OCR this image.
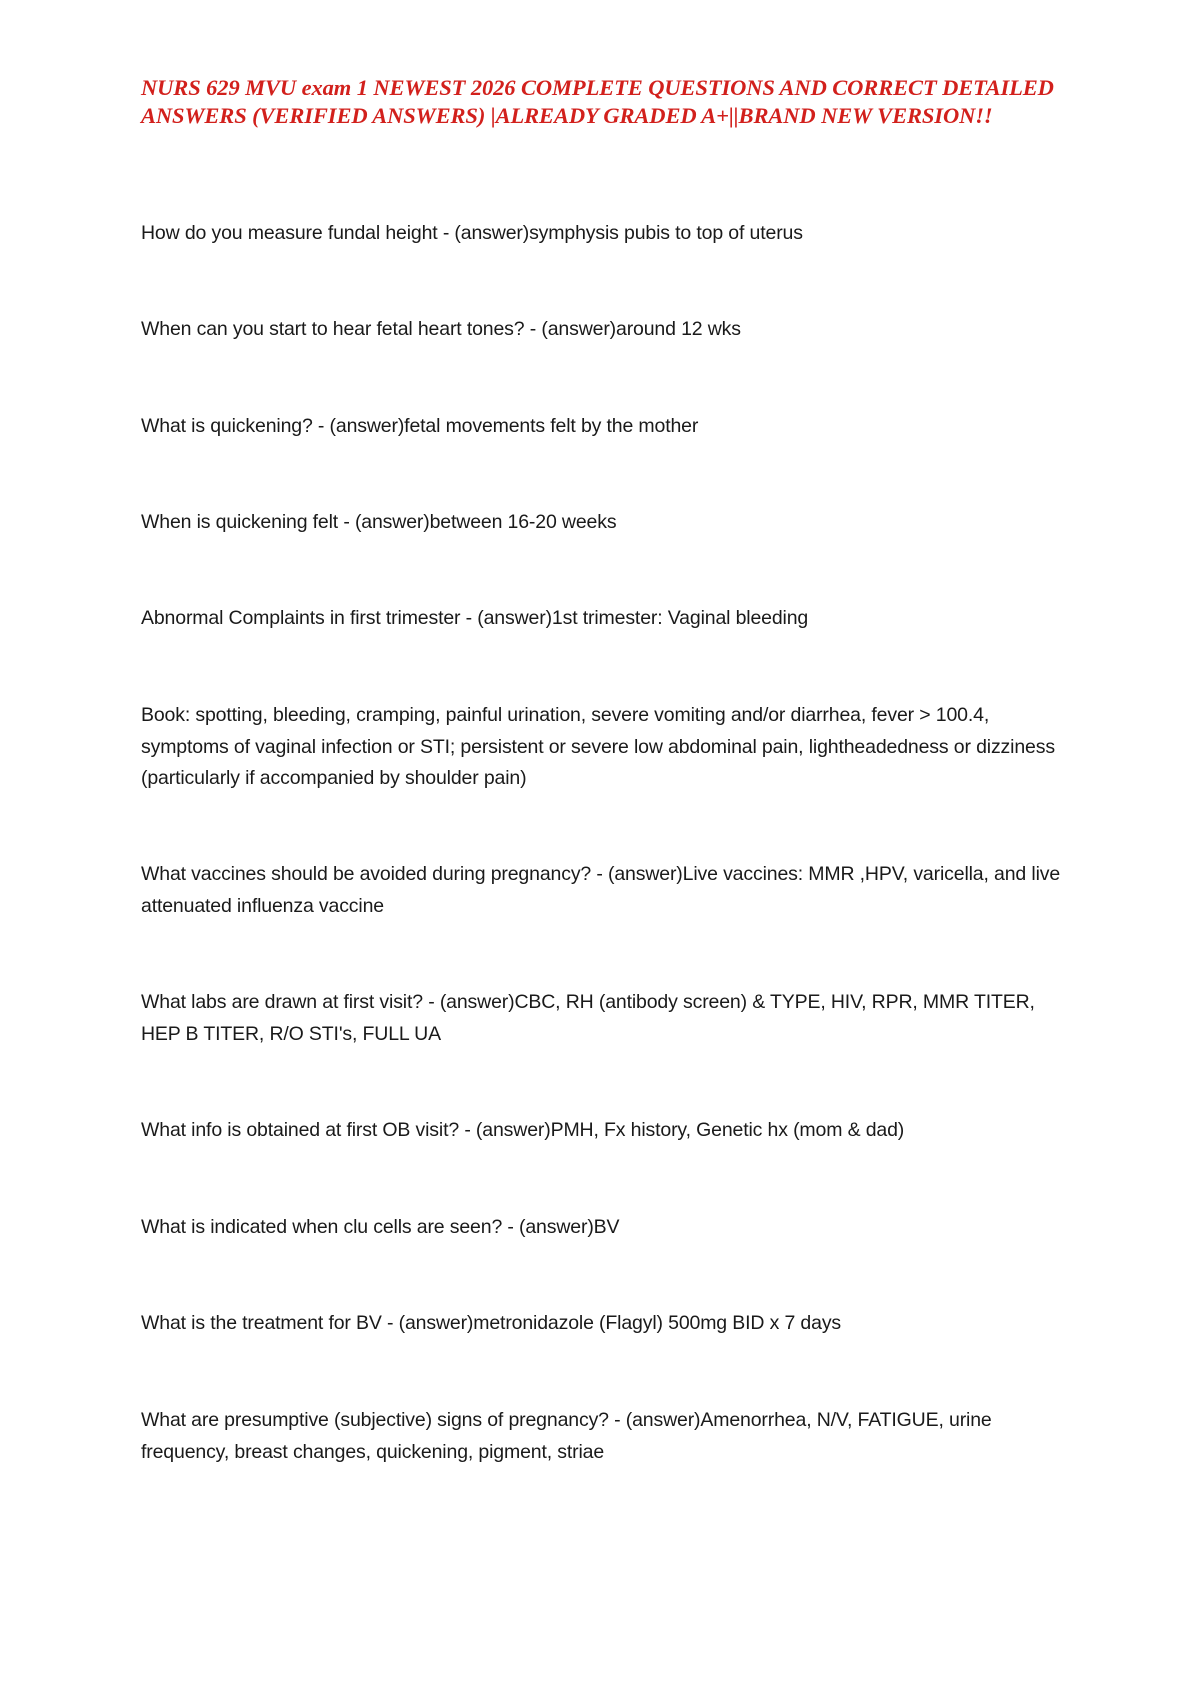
NURS 629 MVU exam 1 NEWEST 2026 COMPLETE QUESTIONS AND CORRECT DETAILED ANSWERS (VERIFIED ANSWERS) |ALREADY GRADED A+||BRAND NEW VERSION!!

How do you measure fundal height - (answer)symphysis pubis to top of uterus

When can you start to hear fetal heart tones? - (answer)around 12 wks

What is quickening? - (answer)fetal movements felt by the mother

When is quickening felt - (answer)between 16-20 weeks

Abnormal Complaints in first trimester - (answer)1st trimester: Vaginal bleeding

Book: spotting, bleeding, cramping, painful urination, severe vomiting and/or diarrhea, fever > 100.4, symptoms of vaginal infection or STI; persistent or severe low abdominal pain, lightheadedness or dizziness (particularly if accompanied by shoulder pain)

What vaccines should be avoided during pregnancy? - (answer)Live vaccines: MMR ,HPV, varicella, and live attenuated influenza vaccine

What labs are drawn at first visit? - (answer)CBC, RH (antibody screen) & TYPE, HIV, RPR, MMR TITER, HEP B TITER, R/O STI's, FULL UA

What info is obtained at first OB visit? - (answer)PMH, Fx history, Genetic hx (mom & dad)

What is indicated when clu cells are seen? - (answer)BV

What is the treatment for BV - (answer)metronidazole (Flagyl) 500mg BID x 7 days

What are presumptive (subjective) signs of pregnancy? - (answer)Amenorrhea, N/V, FATIGUE, urine frequency, breast changes, quickening, pigment, striae
